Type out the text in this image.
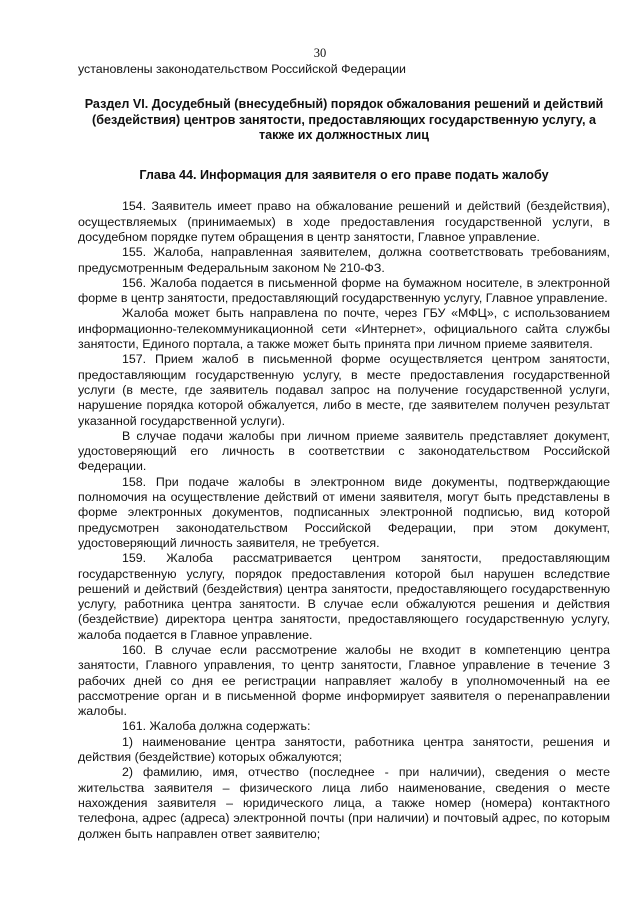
30

установлены законодательством Российской Федерации

Раздел VI. Досудебный (внесудебный) порядок обжалования решений и действий (бездействия) центров занятости, предоставляющих государственную услугу, а также их должностных лиц

Глава 44. Информация для заявителя о его праве подать жалобу

154. Заявитель имеет право на обжалование решений и действий (бездействия), осуществляемых (принимаемых) в ходе предоставления государственной услуги, в досудебном порядке путем обращения в центр занятости, Главное управление.

155. Жалоба, направленная заявителем, должна соответствовать требованиям, предусмотренным Федеральным законом № 210-ФЗ.

156. Жалоба подается в письменной форме на бумажном носителе, в электронной форме в центр занятости, предоставляющий государственную услугу, Главное управление.

Жалоба может быть направлена по почте, через ГБУ «МФЦ», с использованием информационно-телекоммуникационной сети «Интернет», официального сайта службы занятости, Единого портала, а также может быть принята при личном приеме заявителя.

157. Прием жалоб в письменной форме осуществляется центром занятости, предоставляющим государственную услугу, в месте предоставления государственной услуги (в месте, где заявитель подавал запрос на получение государственной услуги, нарушение порядка которой обжалуется, либо в месте, где заявителем получен результат указанной государственной услуги).

В случае подачи жалобы при личном приеме заявитель представляет документ, удостоверяющий его личность в соответствии с законодательством Российской Федерации.

158. При подаче жалобы в электронном виде документы, подтверждающие полномочия на осуществление действий от имени заявителя, могут быть представлены в форме электронных документов, подписанных электронной подписью, вид которой предусмотрен законодательством Российской Федерации, при этом документ, удостоверяющий личность заявителя, не требуется.

159. Жалоба рассматривается центром занятости, предоставляющим государственную услугу, порядок предоставления которой был нарушен вследствие решений и действий (бездействия) центра занятости, предоставляющего государственную услугу, работника центра занятости. В случае если обжалуются решения и действия (бездействие) директора центра занятости, предоставляющего государственную услугу, жалоба подается в Главное управление.

160. В случае если рассмотрение жалобы не входит в компетенцию центра занятости, Главного управления, то центр занятости, Главное управление в течение 3 рабочих дней со дня ее регистрации направляет жалобу в уполномоченный на ее рассмотрение орган и в письменной форме информирует заявителя о перенаправлении жалобы.

161. Жалоба должна содержать:

1) наименование центра занятости, работника центра занятости, решения и действия (бездействие) которых обжалуются;

2) фамилию, имя, отчество (последнее - при наличии), сведения о месте жительства заявителя – физического лица либо наименование, сведения о месте нахождения заявителя – юридического лица, а также номер (номера) контактного телефона, адрес (адреса) электронной почты (при наличии) и почтовый адрес, по которым должен быть направлен ответ заявителю;
